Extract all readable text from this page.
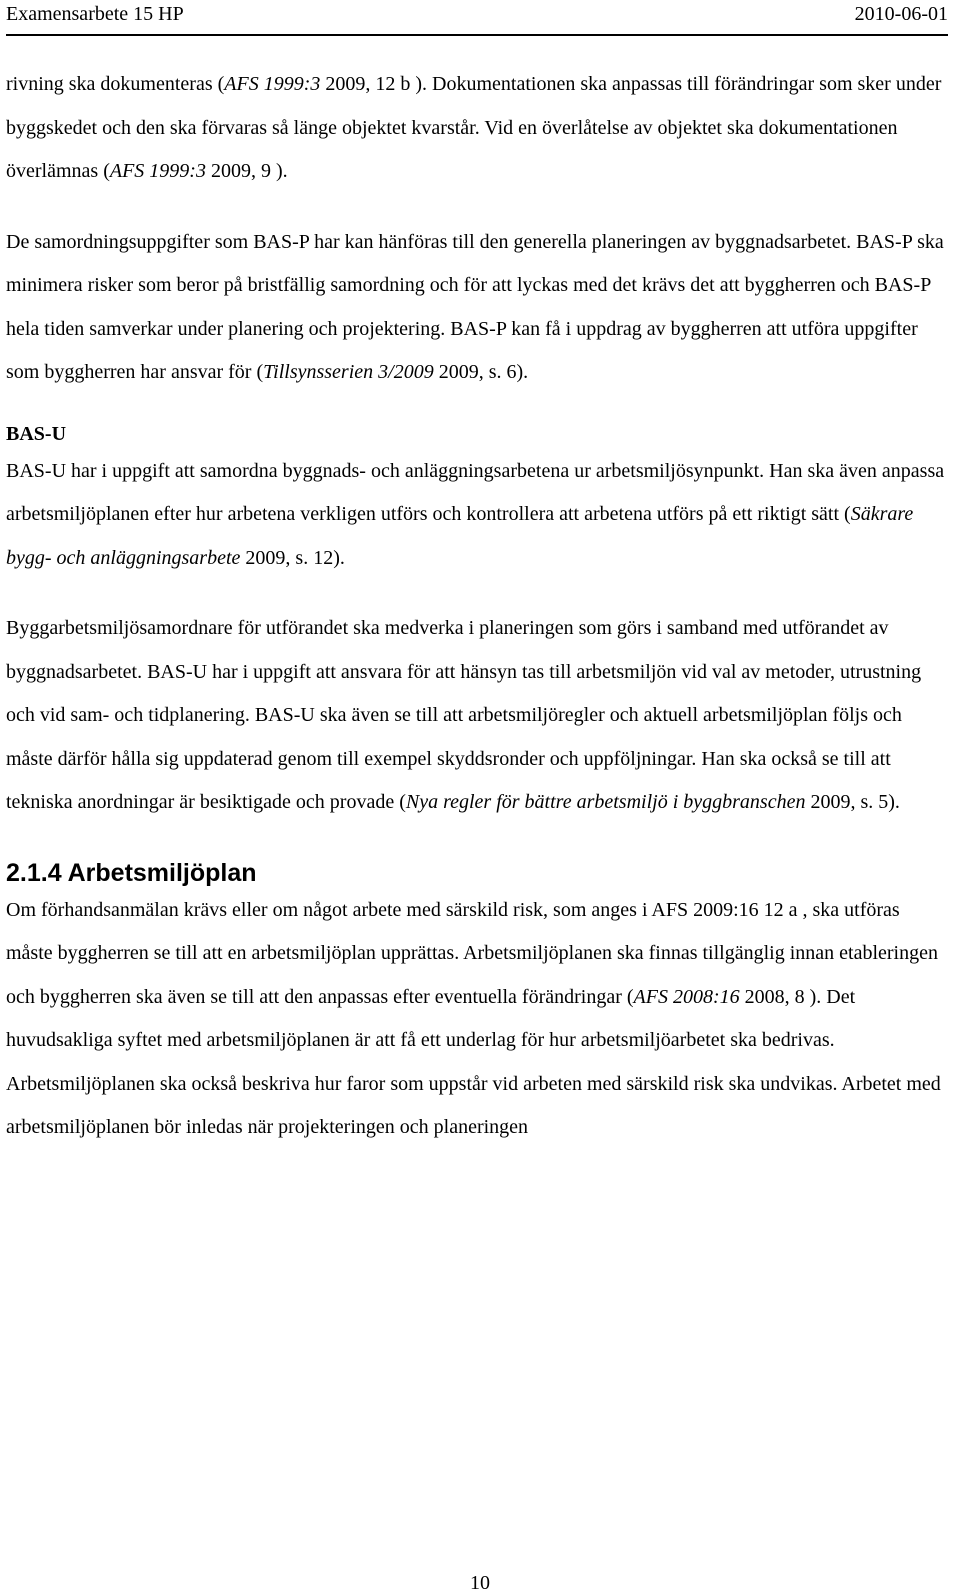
Examensarbete 15 HP	2010-06-01

rivning ska dokumenteras (AFS 1999:3 2009, 12 b ). Dokumentationen ska anpassas till förändringar som sker under byggskedet och den ska förvaras så länge objektet kvarstår. Vid en överlåtelse av objektet ska dokumentationen överlämnas (AFS 1999:3 2009, 9 ).

De samordningsuppgifter som BAS-P har kan hänföras till den generella planeringen av byggnadsarbetet. BAS-P ska minimera risker som beror på bristfällig samordning och för att lyckas med det krävs det att byggherren och BAS-P hela tiden samverkar under planering och projektering. BAS-P kan få i uppdrag av byggherren att utföra uppgifter som byggherren har ansvar för (Tillsynsserien 3/2009 2009, s. 6).

BAS-U

BAS-U har i uppgift att samordna byggnads- och anläggningsarbetena ur arbetsmiljösynpunkt. Han ska även anpassa arbetsmiljöplanen efter hur arbetena verkligen utförs och kontrollera att arbetena utförs på ett riktigt sätt (Säkrare bygg- och anläggningsarbete 2009, s. 12).

Byggarbetsmiljösamordnare för utförandet ska medverka i planeringen som görs i samband med utförandet av byggnadsarbetet. BAS-U har i uppgift att ansvara för att hänsyn tas till arbetsmiljön vid val av metoder, utrustning och vid sam- och tidplanering. BAS-U ska även se till att arbetsmiljöregler och aktuell arbetsmiljöplan följs och måste därför hålla sig uppdaterad genom till exempel skyddsronder och uppföljningar. Han ska också se till att tekniska anordningar är besiktigade och provade (Nya regler för bättre arbetsmiljö i byggbranschen 2009, s. 5).

2.1.4 Arbetsmiljöplan

Om förhandsanmälan krävs eller om något arbete med särskild risk, som anges i AFS 2009:16 12 a , ska utföras måste byggherren se till att en arbetsmiljöplan upprättas. Arbetsmiljöplanen ska finnas tillgänglig innan etableringen och byggherren ska även se till att den anpassas efter eventuella förändringar (AFS 2008:16 2008, 8 ). Det huvudsakliga syftet med arbetsmiljöplanen är att få ett underlag för hur arbetsmiljöarbetet ska bedrivas. Arbetsmiljöplanen ska också beskriva hur faror som uppstår vid arbeten med särskild risk ska undvikas. Arbetet med arbetsmiljöplanen bör inledas när projekteringen och planeringen

10
